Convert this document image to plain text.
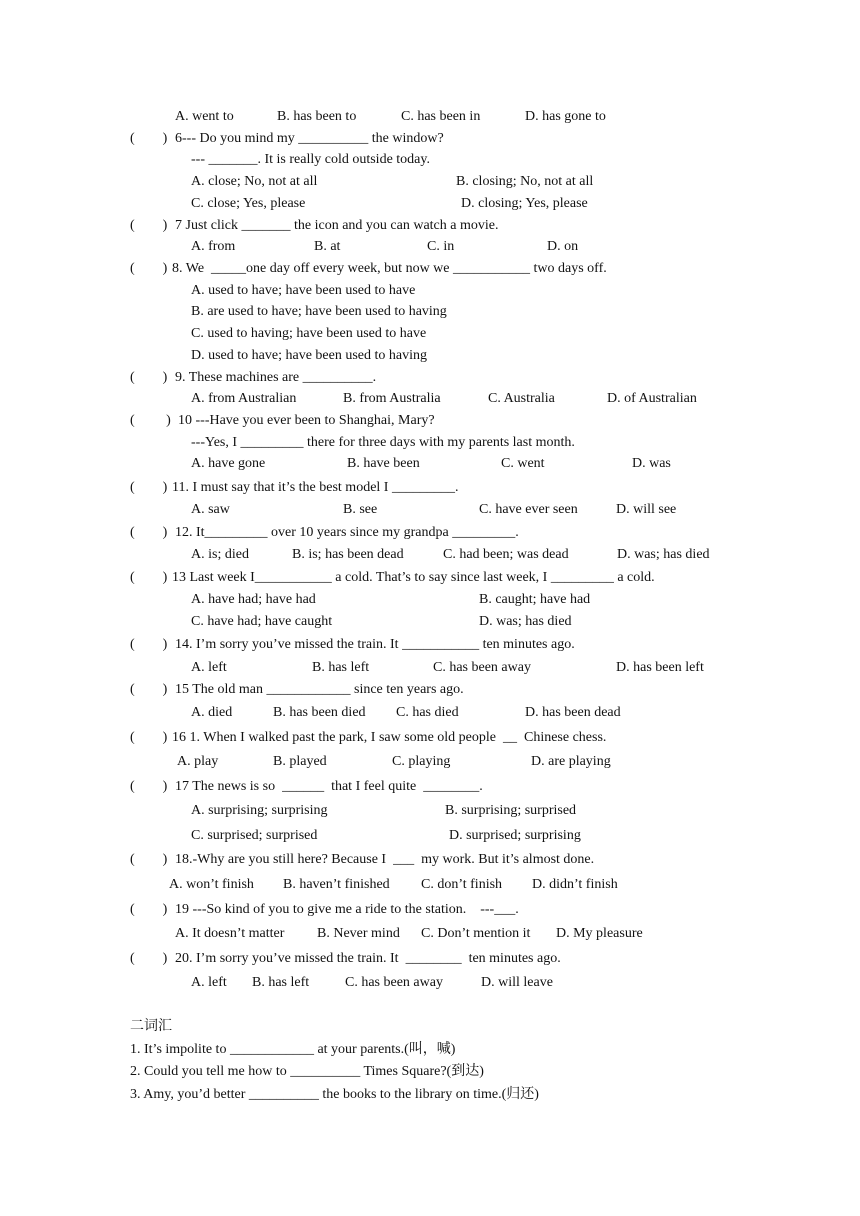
A. went to	B. has been to	C. has been in	D. has gone to
(        ) 6--- Do you mind my __________ the window?
--- _______. It is really cold outside today.
A. close; No, not at all	B. closing; No, not at all
C. close; Yes, please	D. closing; Yes, please
(        ) 7 Just click _______ the icon and you can watch a movie.
A. from	B. at	C. in	D. on
(        ) 8. We  _____one day off every week, but now we ___________ two days off.
A. used to have; have been used to have
B. are used to have; have been used to having
C. used to having; have been used to have
D. used to have; have been used to having
(        ) 9. These machines are __________.
A. from Australian	B. from Australia	C. Australia	D. of Australian
(         ) 10 ---Have you ever been to Shanghai, Mary?
---Yes, I _________ there for three days with my parents last month.
A. have gone	B. have been	C. went	D. was
(        ) 11. I must say that it’s the best model I _________.
A. saw	B. see	C. have ever seen	D. will see
(        ) 12. It_________ over 10 years since my grandpa _________.
A. is; died	B. is; has been dead	C. had been; was dead	D. was; has died
(        ) 13 Last week I___________ a cold. That’s to say since last week, I _________ a cold.
A. have had; have had	B. caught; have had
C. have had; have caught	D. was; has died
(        ) 14. I’m sorry you’ve missed the train. It ___________ ten minutes ago.
A. left	B. has left	C. has been away	D. has been left
(        ) 15 The old man ____________ since ten years ago.
A. died	B. has been died C. has died	D. has been dead
(        ) 16 1. When I walked past the park, I saw some old people  __  Chinese chess.
A. play	B. played	C. playing	D. are playing
(        ) 17 The news is so  ______  that I feel quite  ________.
A. surprising; surprising	B. surprising; surprised
C. surprised; surprised	D. surprised; surprising
(        ) 18.-Why are you still here? Because I  ___  my work. But it’s almost done.
A. won’t finish B. haven’t finished C. don’t finish D. didn’t finish
(        ) 19 ---So kind of you to give me a ride to the station.    ---___.
A. It doesn’t matter B. Never mind C. Don’t mention it D. My pleasure
(        ) 20. I’m sorry you’ve missed the train. It  ________  ten minutes ago.
A. left B. has left	C. has been away	D. will leave
二词汇
1. It’s impolite to ____________ at your parents.(叫，喊)
2. Could you tell me how to __________ Times Square?(到达)
3. Amy, you’d better __________ the books to the library on time.(归还)
